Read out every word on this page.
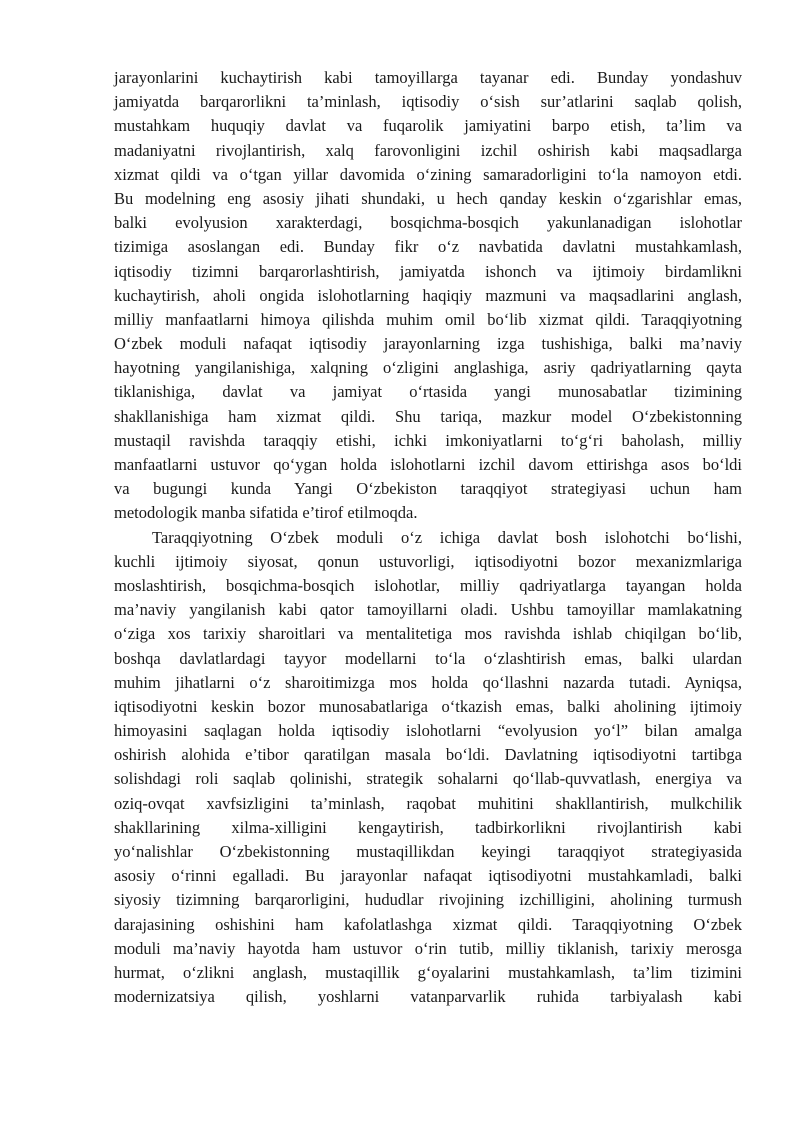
jarayonlarini kuchaytirish kabi tamoyillarga tayanar edi. Bunday yondashuv
jamiyatda barqarorlikni ta’minlash, iqtisodiy o‘sish sur’atlarini saqlab qolish,
mustahkam huquqiy davlat va fuqarolik jamiyatini barpo etish, ta’lim va
madaniyatni rivojlantirish, xalq farovonligini izchil oshirish kabi maqsadlarga
xizmat qildi va o‘tgan yillar davomida o‘zining samaradorligini to‘la namoyon etdi.
Bu modelning eng asosiy jihati shundaki, u hech qanday keskin o‘zgarishlar emas,
balki evolyusion xarakterdagi, bosqichma-bosqich yakunlanadigan islohotlar
tizimiga asoslangan edi. Bunday fikr o‘z navbatida davlatni mustahkamlash,
iqtisodiy tizimni barqarorlashtirish, jamiyatda ishonch va ijtimoiy birdamlikni
kuchaytirish, aholi ongida islohotlarning haqiqiy mazmuni va maqsadlarini anglash,
milliy manfaatlarni himoya qilishda muhim omil bo‘lib xizmat qildi. Taraqqiyotning
O‘zbek moduli nafaqat iqtisodiy jarayonlarning izga tushishiga, balki ma’naviy
hayotning yangilanishiga, xalqning o‘zligini anglashiga, asriy qadriyatlarning qayta
tiklanishiga, davlat va jamiyat o‘rtasida yangi munosabatlar tizimining
shakllanishiga ham xizmat qildi. Shu tariqa, mazkur model O‘zbekistonning
mustaqil ravishda taraqqiy etishi, ichki imkoniyatlarni to‘g‘ri baholash, milliy
manfaatlarni ustuvor qo‘ygan holda islohotlarni izchil davom ettirishga asos bo‘ldi
va bugungi kunda Yangi O‘zbekiston taraqqiyot strategiyasi uchun ham
metodologik manba sifatida e’tirof etilmoqda.
Taraqqiyotning O‘zbek moduli o‘z ichiga davlat bosh islohotchi bo‘lishi,
kuchli ijtimoiy siyosat, qonun ustuvorligi, iqtisodiyotni bozor mexanizmlariga
moslashtirish, bosqichma-bosqich islohotlar, milliy qadriyatlarga tayangan holda
ma’naviy yangilanish kabi qator tamoyillarni oladi. Ushbu tamoyillar mamlakatning
o‘ziga xos tarixiy sharoitlari va mentalitetiga mos ravishda ishlab chiqilgan bo‘lib,
boshqa davlatlardagi tayyor modellarni to‘la o‘zlashtirish emas, balki ulardan
muhim jihatlarni o‘z sharoitimizga mos holda qo‘llashni nazarda tutadi. Ayniqsa,
iqtisodiyotni keskin bozor munosabatlariga o‘tkazish emas, balki aholining ijtimoiy
himoyasini saqlagan holda iqtisodiy islohotlarni “evolyusion yo‘l” bilan amalga
oshirish alohida e’tibor qaratilgan masala bo‘ldi. Davlatning iqtisodiyotni tartibga
solishdagi roli saqlab qolinishi, strategik sohalarni qo‘llab-quvvatlash, energiya va
oziq-ovqat xavfsizligini ta’minlash, raqobat muhitini shakllantirish, mulkchilik
shakllarining xilma-xilligini kengaytirish, tadbirkorlikni rivojlantirish kabi
yo‘nalishlar O‘zbekistonning mustaqillikdan keyingi taraqqiyot strategiyasida
asosiy o‘rinni egalladi. Bu jarayonlar nafaqat iqtisodiyotni mustahkamladi, balki
siyosiy tizimning barqarorligini, hududlar rivojining izchilligini, aholining turmush
darajasining oshishini ham kafolatlashga xizmat qildi. Taraqqiyotning O‘zbek
moduli ma’naviy hayotda ham ustuvor o‘rin tutib, milliy tiklanish, tarixiy merosga
hurmat, o‘zlikni anglash, mustaqillik g‘oyalarini mustahkamlash, ta’lim tizimini
modernizatsiya qilish, yoshlarni vatanparvarlik ruhida tarbiyalash kabi
